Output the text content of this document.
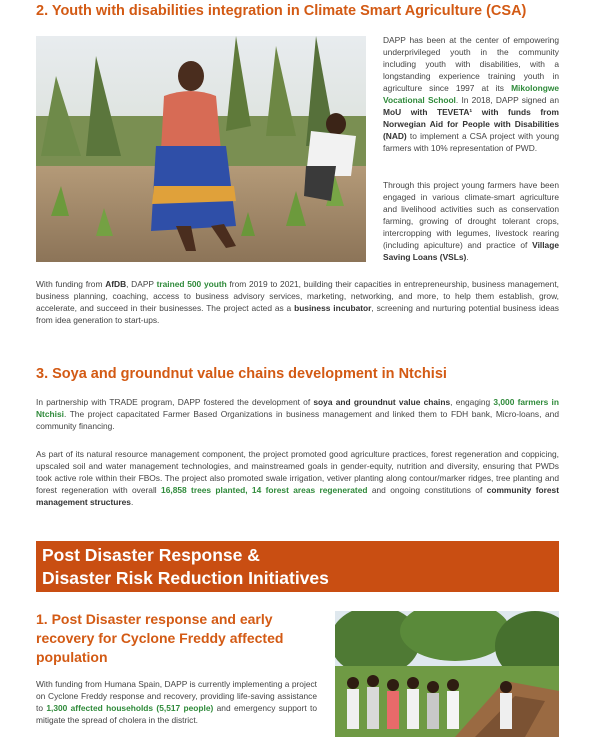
2. Youth with disabilities integration in Climate Smart Agriculture (CSA)
DAPP has been at the center of empowering underprivileged youth in the community including youth with disabilities, with a longstanding experience training youth in agriculture since 1997 at its Mikolongwe Vocational School. In 2018, DAPP signed an MoU with TEVETA¹ with funds from Norwegian Aid for People with Disabilities (NAD) to implement a CSA project with young farmers with 10% representation of PWD.
Through this project young farmers have been engaged in various climate-smart agriculture and livelihood activities such as conservation farming, growing of drought tolerant crops, intercropping with legumes, livestock rearing (including apiculture) and practice of Village Saving Loans (VSLs).
With funding from AfDB, DAPP trained 500 youth from 2019 to 2021, building their capacities in entrepreneurship, business management, business planning, coaching, access to business advisory services, marketing, networking, and more, to help them establish, grow, accelerate, and succeed in their businesses. The project acted as a business incubator, screening and nurturing potential business ideas from idea generation to start-ups.
3. Soya and groundnut value chains development in Ntchisi
In partnership with TRADE program, DAPP fostered the development of soya and groundnut value chains, engaging 3,000 farmers in Ntchisi. The project capacitated Farmer Based Organizations in business management and linked them to FDH bank, Micro-loans, and community financing.
As part of its natural resource management component, the project promoted good agriculture practices, forest regeneration and coppicing, upscaled soil and water management technologies, and mainstreamed goals in gender-equity, nutrition and diversity, ensuring that PWDs took active role within their FBOs. The project also promoted swale irrigation, vetiver planting along contour/marker ridges, tree planting and forest regeneration with overall 16,858 trees planted, 14 forest areas regenerated and ongoing constitutions of community forest management structures.
Post Disaster Response &
Disaster Risk Reduction Initiatives
1. Post Disaster response and early recovery for Cyclone Freddy affected population
With funding from Humana Spain, DAPP is currently implementing a project on Cyclone Freddy response and recovery, providing life-saving assistance to 1,300 affected households (5,517 people) and emergency support to mitigate the spread of cholera in the district.
